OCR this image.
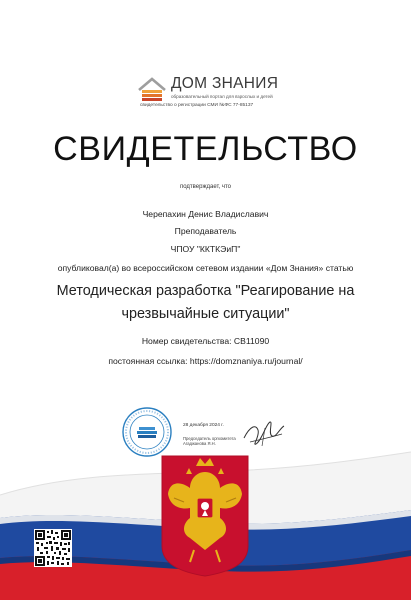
ДОМ ЗНАНИЯ
образовательный портал для взрослых и детей
свидетельство о регистрации СМИ №ФС 77-85137
СВИДЕТЕЛЬСТВО
подтверждает, что
Черепахин Денис Владиславич
Преподаватель
ЧПОУ "ККТКЭиП"
опубликовал(а) во всероссийском сетевом издании «Дом Знания» статью
Методическая разработка "Реагирование на
чрезвычайные ситуации"
Номер свидетельства: СВ11090
постоянная ссылка: https://domznaniya.ru/journal/
28 декабря 2024 г.
Председатель оргкомитета
Агаджанова Я.Н.
